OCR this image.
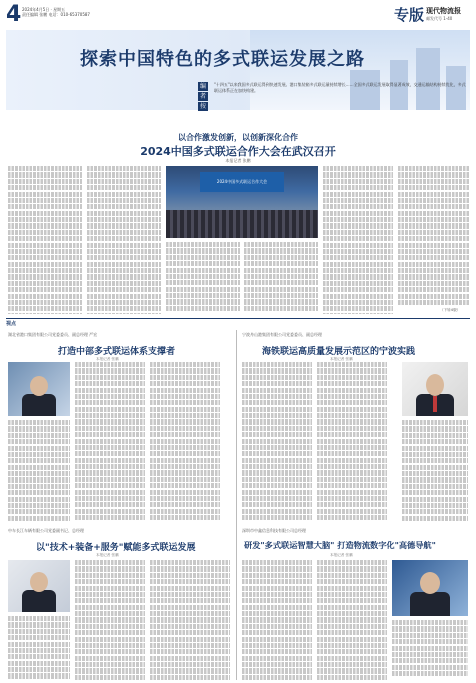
4 2024年4月5日 · 星期五
责任编辑 张鹏 电话：010-65370587	专版 现代物流报
邮发代号 1-40
探索中国特色的多式联运发展之路
编
者
按
"十四五"以来我国多式联运得到快速发展。港口集装箱多式联运量持续增长……全国多式联运发展取得显著成效，交通运输结构持续优化，多式联运体系正在加快构建。
以合作激发创新，以创新深化合作
2024中国多式联运合作大会在武汉召开
本报记者 张鹏
2024中国多式联运合作大会
（下转4版）
视点
湖北省港口集团有限公司党委委员、副总经理 严宏
打造中部多式联运体系支撑者
本报记者 张鹏
宁波舟山港集团有限公司党委委员、副总经理
海铁联运高质量发展示范区的宁波实践
本报记者 张鹏
中车长江车辆有限公司党委副书记、总经理
以"技术+装备+服务"赋能多式联运发展
本报记者 张鹏
深圳市中鑫信息科技有限公司总经理
研发"多式联运智慧大脑" 打造物流数字化"高德导航"
本报记者 张鹏
